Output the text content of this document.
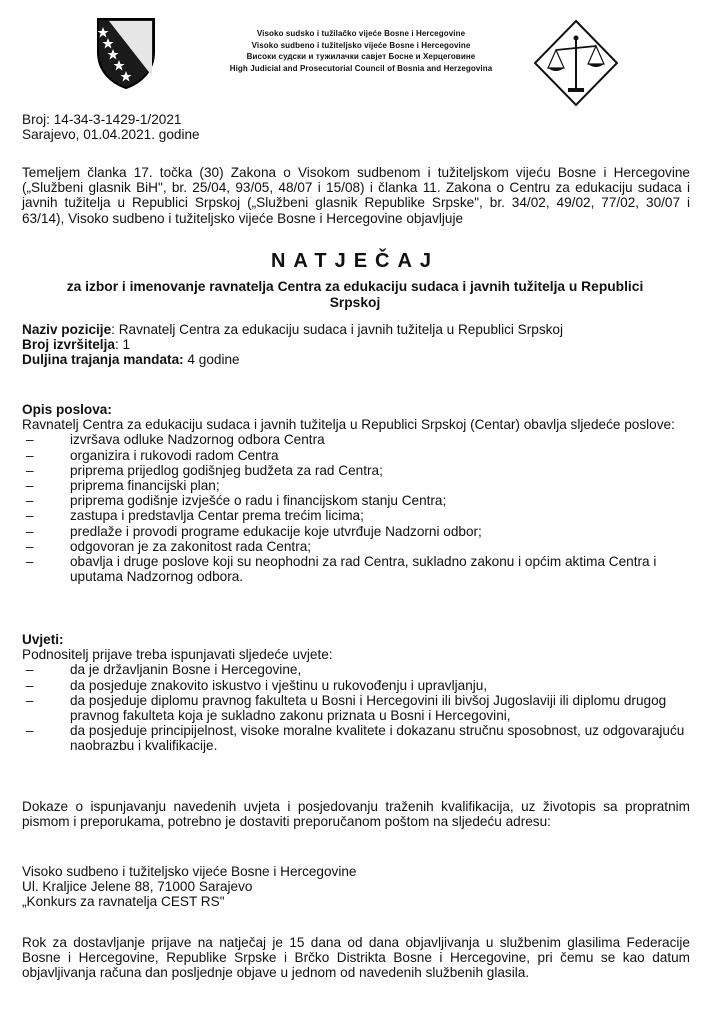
Visoko sudsko i tužilačko vijeće Bosne i Hercegovine
Visoko sudbeno i tužiteljsko vijeće Bosne i Hercegovine
Високи судски и тужилачки савјет Босне и Херцеговине
High Judicial and Prosecutorial Council of Bosnia and Herzegovina
Broj: 14-34-3-1429-1/2021
Sarajevo, 01.04.2021. godine
Temeljem članka 17. točka (30) Zakona o Visokom sudbenom i tužiteljskom vijeću Bosne i Hercegovine („Službeni glasnik BiH", br. 25/04, 93/05, 48/07 i 15/08) i članka 11. Zakona o Centru za edukaciju sudaca i javnih tužitelja u Republici Srpskoj („Službeni glasnik Republike Srpske", br. 34/02, 49/02, 77/02, 30/07 i 63/14), Visoko sudbeno i tužiteljsko vijeće Bosne i Hercegovine objavljuje
NATJEČAJ
za izbor i imenovanje ravnatelja Centra za edukaciju sudaca i javnih tužitelja u Republici Srpskoj
Naziv pozicije: Ravnatelj Centra za edukaciju sudaca i javnih tužitelja u Republici Srpskoj
Broj izvršitelja: 1
Duljina trajanja mandata: 4 godine
Opis poslova:
Ravnatelj Centra za edukaciju sudaca i javnih tužitelja u Republici Srpskoj (Centar) obavlja sljedeće poslove:
– izvršava odluke Nadzornog odbora Centra
– organizira i rukovodi radom Centra
– priprema prijedlog godišnjeg budžeta za rad Centra;
– priprema financijski plan;
– priprema godišnje izvješće o radu i financijskom stanju Centra;
– zastupa i predstavlja Centar prema trećim licima;
– predlaže i provodi programe edukacije koje utvrđuje Nadzorni odbor;
– odgovoran je za zakonitost rada Centra;
– obavlja i druge poslove koji su neophodni za rad Centra, sukladno zakonu i općim aktima Centra i uputama Nadzornog odbora.
Uvjeti:
Podnositelj prijave treba ispunjavati sljedeće uvjete:
– da je državljanin Bosne i Hercegovine,
– da posjeduje znakovito iskustvo i vještinu u rukovođenju i upravljanju,
– da posjeduje diplomu pravnog fakulteta u Bosni i Hercegovini ili bivšoj Jugoslaviji ili diplomu drugog pravnog fakulteta koja je sukladno zakonu priznata u Bosni i Hercegovini,
– da posjeduje principijelnost, visoke moralne kvalitete i dokazanu stručnu sposobnost, uz odgovarajuću naobrazbu i kvalifikacije.
Dokaze o ispunjavanju navedenih uvjeta i posjedovanju traženih kvalifikacija, uz životopis sa propratnim pismom i preporukama, potrebno je dostaviti preporučanom poštom na sljedeću adresu:
Visoko sudbeno i tužiteljsko vijeće Bosne i Hercegovine
Ul. Kraljice Jelene 88, 71000 Sarajevo
„Konkurs za ravnatelja CEST RS"
Rok za dostavljanje prijave na natječaj je 15 dana od dana objavljivanja u službenim glasilima Federacije Bosne i Hercegovine, Republike Srpske i Brčko Distrikta Bosne i Hercegovine, pri čemu se kao datum objavljivanja računa dan posljednje objave u jednom od navedenih službenih glasila.
